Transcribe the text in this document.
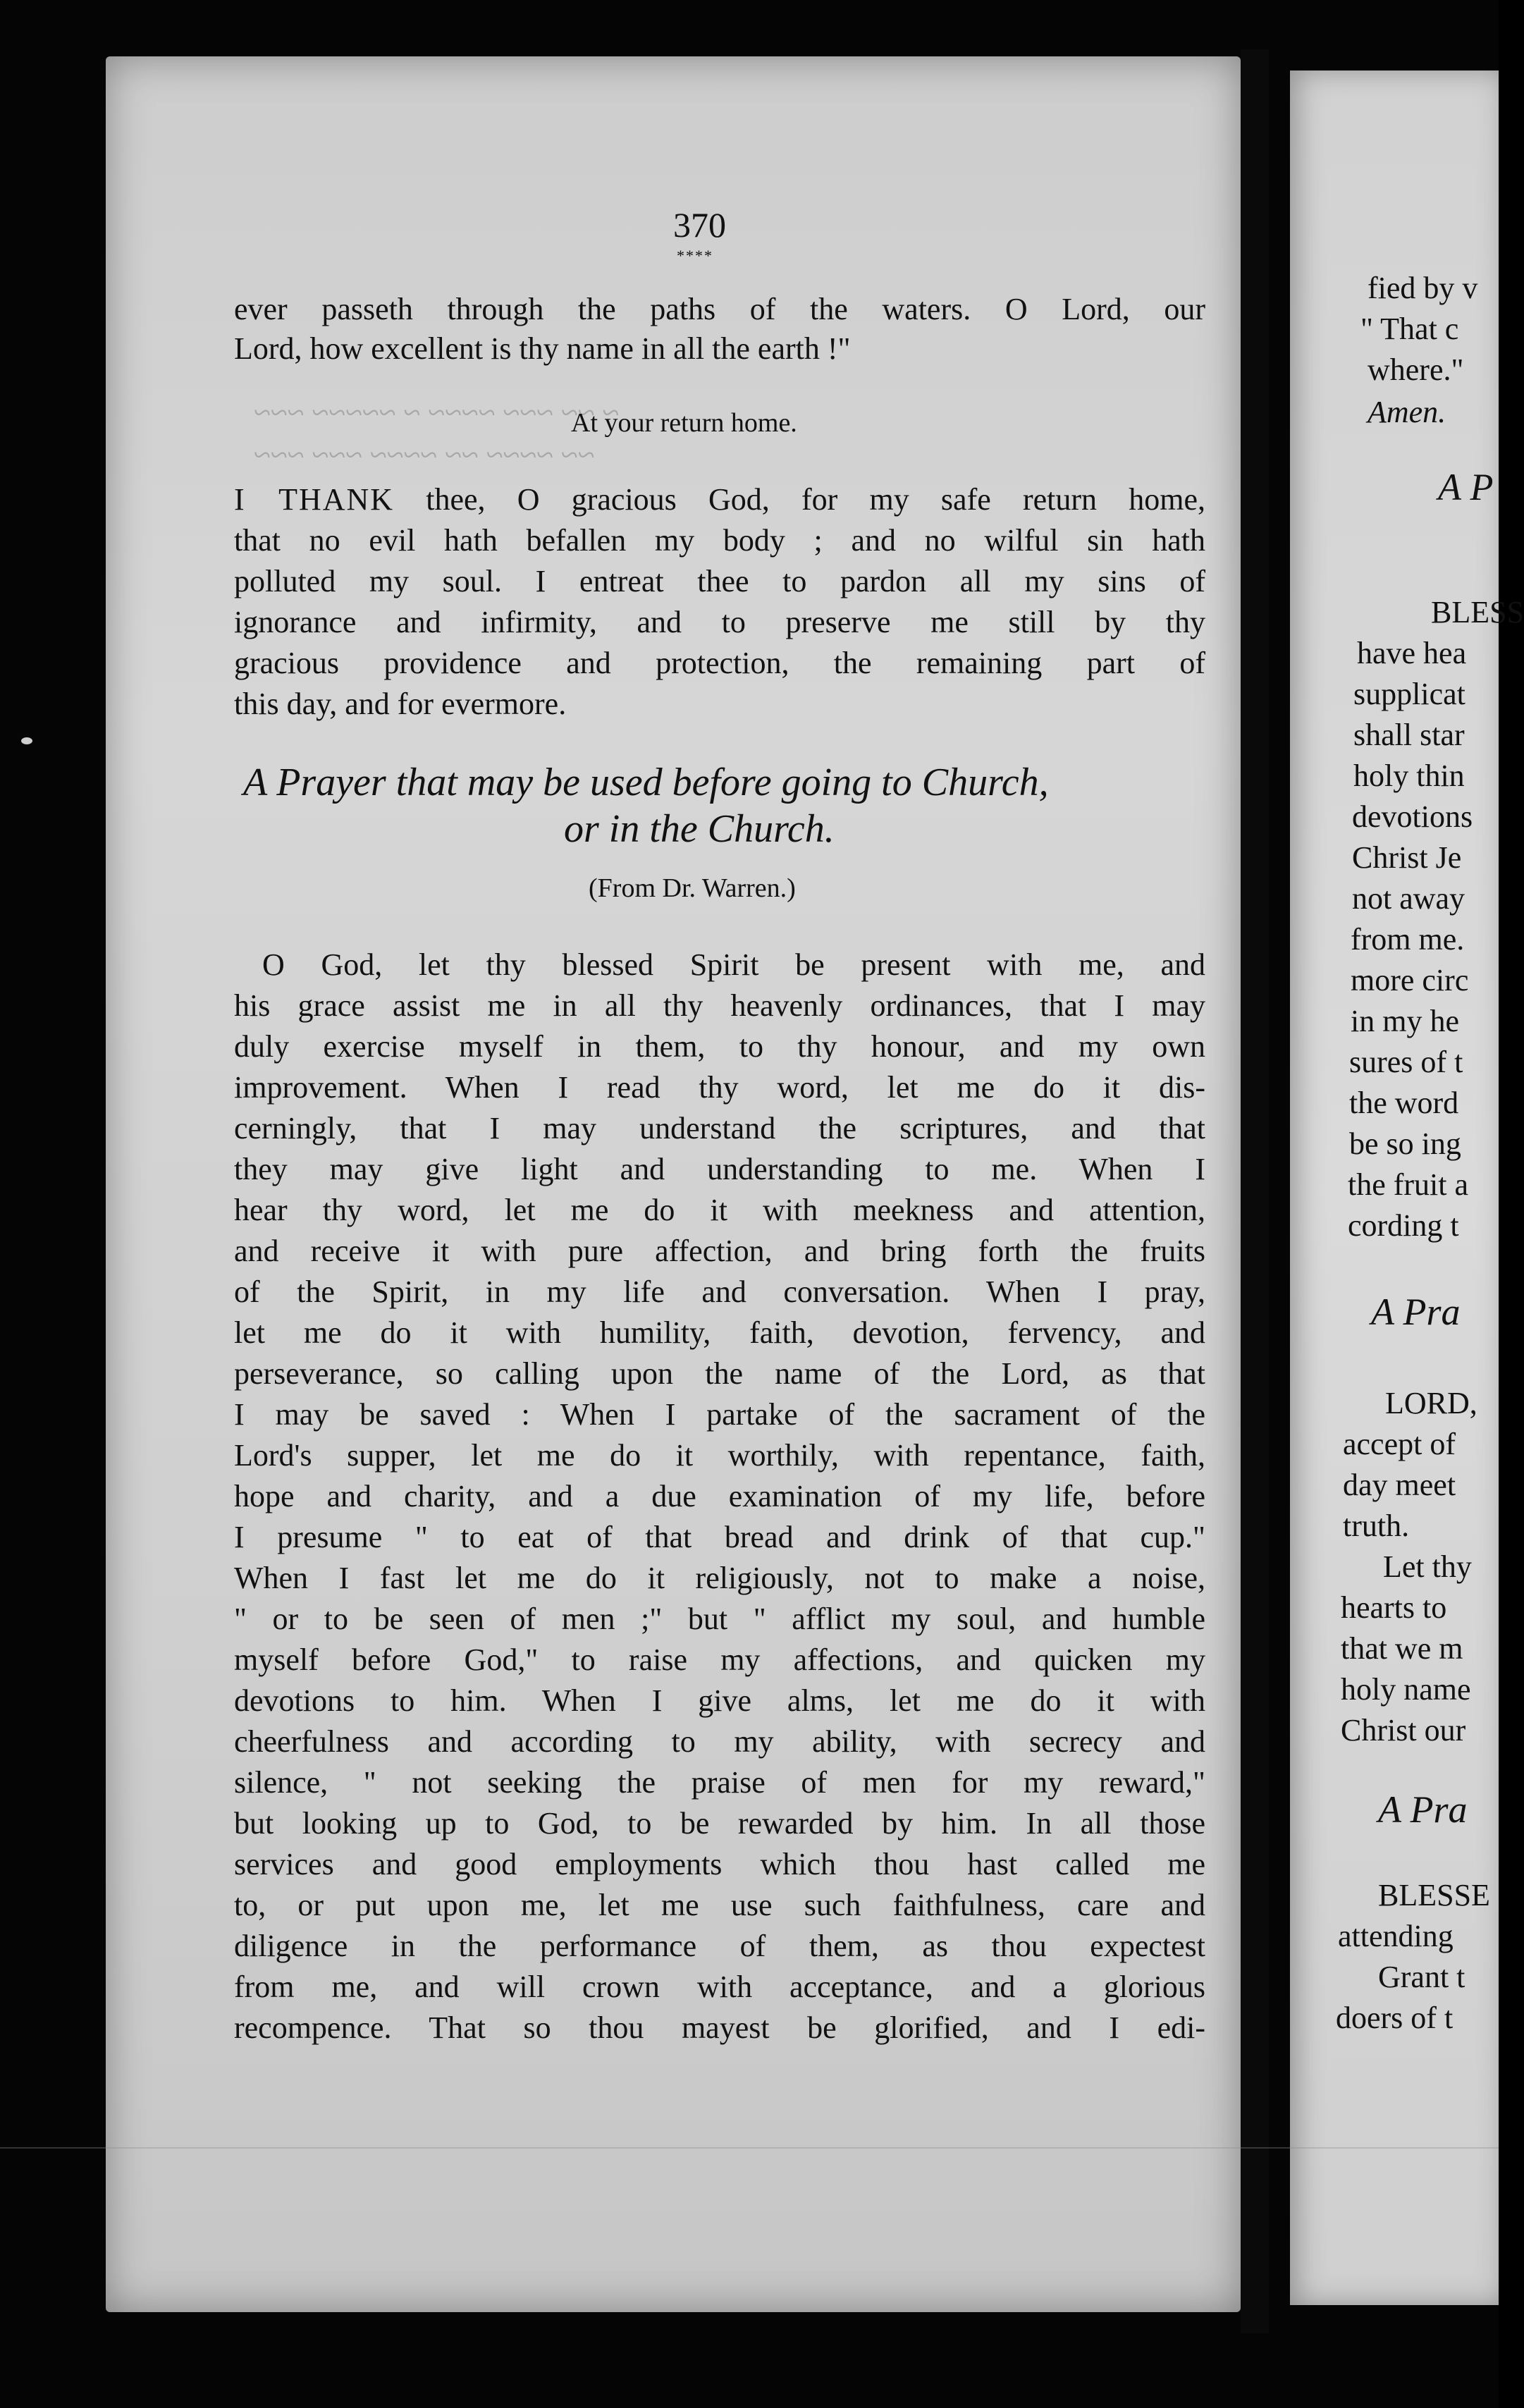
~ ~~ ~~~ ~~~~ ~ ~~~~~ ~~~
~~ ~~~~ ~~ ~~~~ ~~~ ~~~
370
****
ever passeth through the paths of the waters. O Lord, our
Lord, how excellent is thy name in all the earth !"
At your return home.
I THANK thee, O gracious God, for my safe return home,
that no evil hath befallen my body ; and no wilful sin hath
polluted my soul. I entreat thee to pardon all my sins of
ignorance and infirmity, and to preserve me still by thy
gracious providence and protection, the remaining part of
this day, and for evermore.
A Prayer that may be used before going to Church,
or in the Church.
(From Dr. Warren.)
O God, let thy blessed Spirit be present with me, and
his grace assist me in all thy heavenly ordinances, that I may
duly exercise myself in them, to thy honour, and my own
improvement. When I read thy word, let me do it dis-
cerningly, that I may understand the scriptures, and that
they may give light and understanding to me. When I
hear thy word, let me do it with meekness and attention,
and receive it with pure affection, and bring forth the fruits
of the Spirit, in my life and conversation. When I pray,
let me do it with humility, faith, devotion, fervency, and
perseverance, so calling upon the name of the Lord, as that
I may be saved : When I partake of the sacrament of the
Lord's supper, let me do it worthily, with repentance, faith,
hope and charity, and a due examination of my life, before
I presume " to eat of that bread and drink of that cup."
When I fast let me do it religiously, not to make a noise,
" or to be seen of men ;" but " afflict my soul, and humble
myself before God," to raise my affections, and quicken my
devotions to him. When I give alms, let me do it with
cheerfulness and according to my ability, with secrecy and
silence, " not seeking the praise of men for my reward,"
but looking up to God, to be rewarded by him. In all those
services and good employments which thou hast called me
to, or put upon me, let me use such faithfulness, care and
diligence in the performance of them, as thou expectest
from me, and will crown with acceptance, and a glorious
recompence. That so thou mayest be glorified, and I edi-
fied by v
" That c
where."
Amen.
A P
BLESS
have hea
supplicat
shall star
holy thin
devotions
Christ Je
not away
from me.
more circ
in my he
sures of t
the word
be so ing
the fruit a
cording t
A Pra
LORD,
accept of
day meet
truth.
Let thy
hearts to
that we m
holy name
Christ our
A Pra
BLESSE
attending
Grant t
doers of t
